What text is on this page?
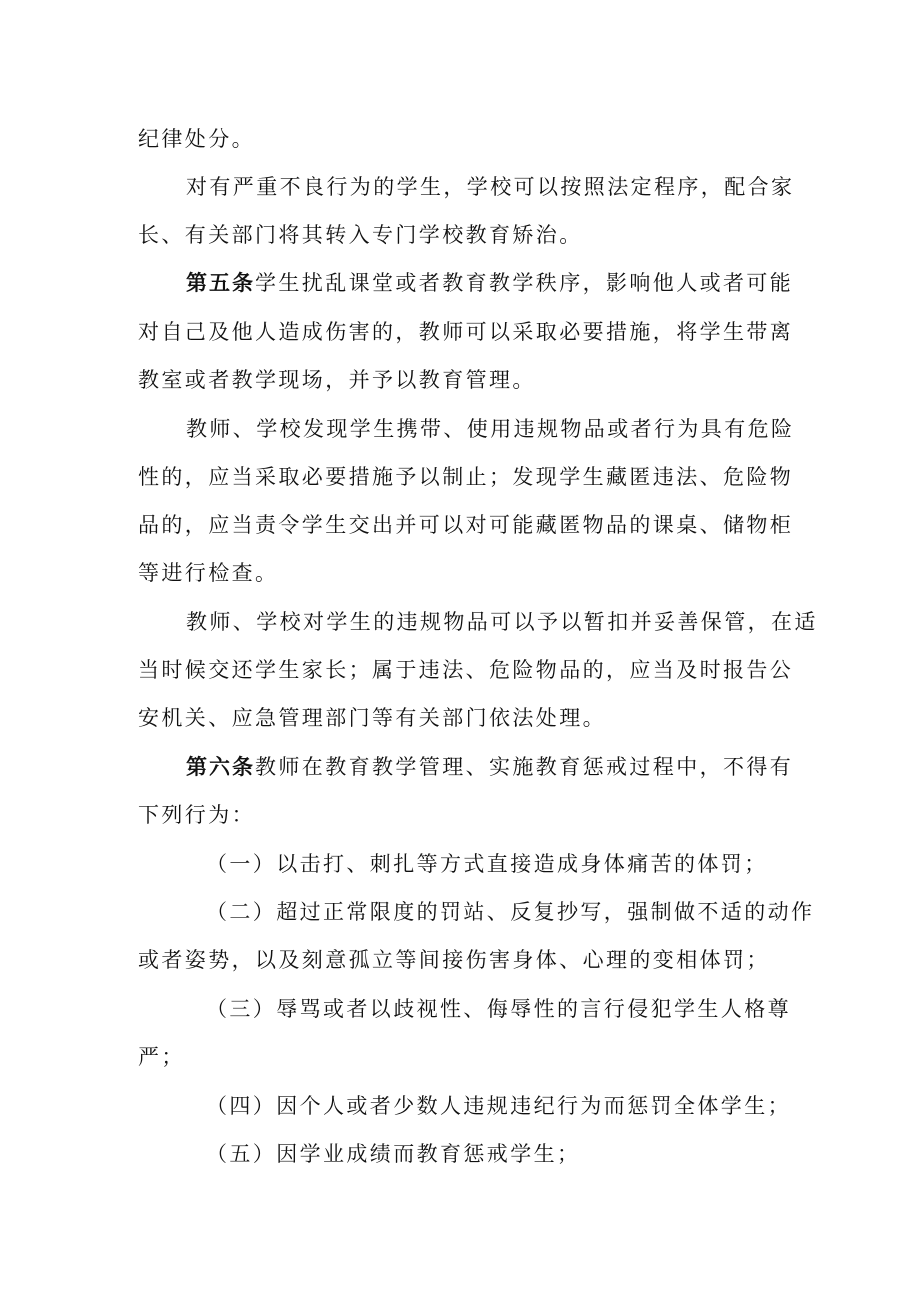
纪律处分。
对有严重不良行为的学生，学校可以按照法定程序，配合家
长、有关部门将其转入专门学校教育矫治。
第五条学生扰乱课堂或者教育教学秩序，影响他人或者可能
对自己及他人造成伤害的，教师可以采取必要措施，将学生带离
教室或者教学现场，并予以教育管理。
教师、学校发现学生携带、使用违规物品或者行为具有危险
性的，应当采取必要措施予以制止；发现学生藏匿违法、危险物
品的，应当责令学生交出并可以对可能藏匿物品的课桌、储物柜
等进行检查。
教师、学校对学生的违规物品可以予以暂扣并妥善保管，在适
当时候交还学生家长；属于违法、危险物品的，应当及时报告公
安机关、应急管理部门等有关部门依法处理。
第六条教师在教育教学管理、实施教育惩戒过程中，不得有
下列行为：
（一）以击打、刺扎等方式直接造成身体痛苦的体罚；
（二）超过正常限度的罚站、反复抄写，强制做不适的动作
或者姿势，以及刻意孤立等间接伤害身体、心理的变相体罚；
（三）辱骂或者以歧视性、侮辱性的言行侵犯学生人格尊
严；
（四）因个人或者少数人违规违纪行为而惩罚全体学生；
（五）因学业成绩而教育惩戒学生；
